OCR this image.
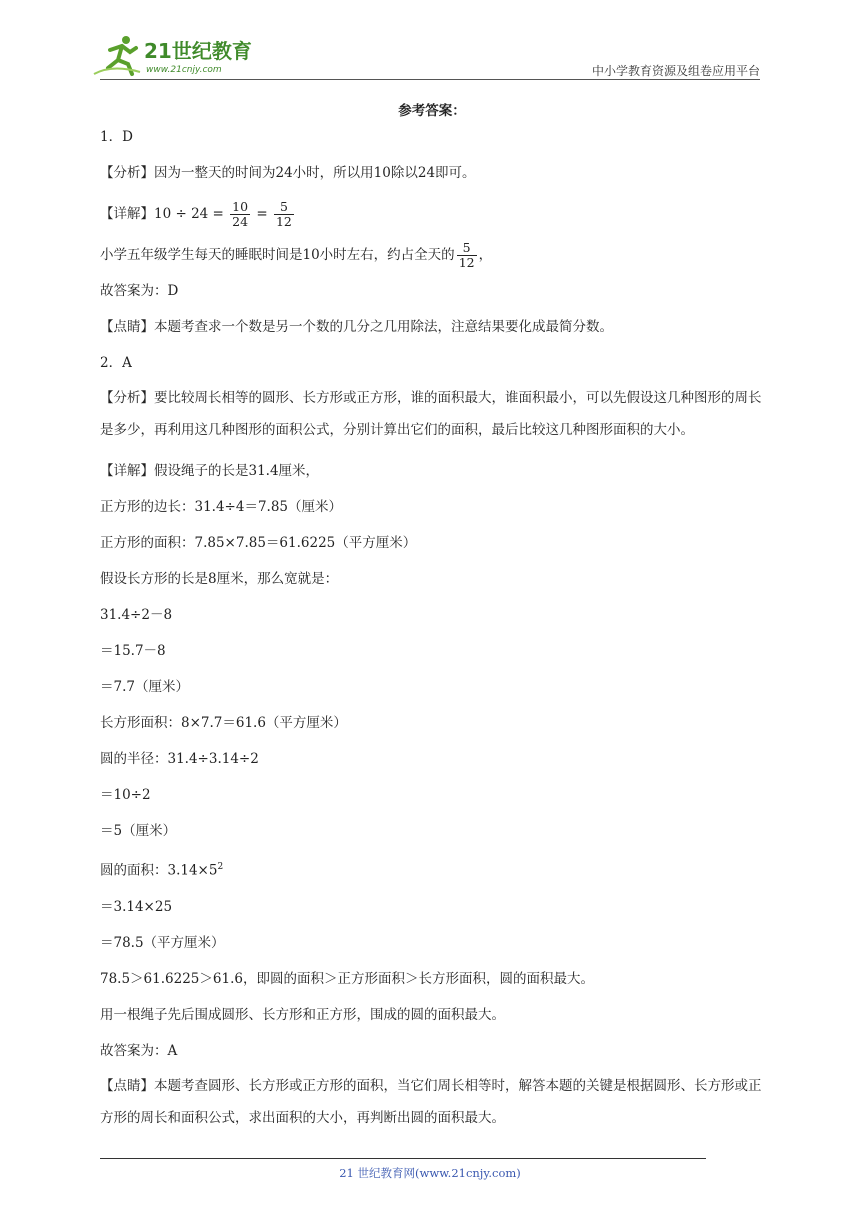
21世纪教育
www.21cnjy.com	中小学教育资源及组卷应用平台
参考答案：
1．D
【分析】因为一整天的时间为24小时，所以用10除以24即可。
【详解】$10 \div 24 = \frac{10}{24} = \frac{5}{12}$
小学五年级学生每天的睡眠时间是10小时左右，约占全天的 $\frac{5}{12}$ ，
故答案为：D
【点睛】本题考查求一个数是另一个数的几分之几用除法，注意结果要化成最简分数。
2．A
【分析】要比较周长相等的圆形、长方形或正方形，谁的面积最大，谁面积最小，可以先假设这几种图形的周长是多少，再利用这几种图形的面积公式，分别计算出它们的面积，最后比较这几种图形面积的大小。
【详解】假设绳子的长是31.4厘米，
正方形的边长：31.4÷4＝7.85（厘米）
正方形的面积：7.85×7.85＝61.6225（平方厘米）
假设长方形的长是8厘米，那么宽就是：
31.4÷2－8
＝15.7－8
＝7.7（厘米）
长方形面积：8×7.7＝61.6（平方厘米）
圆的半径：31.4÷3.14÷2
＝10÷2
＝5（厘米）
圆的面积：$3.14\times 5^2$
＝3.14×25
＝78.5（平方厘米）
78.5＞61.6225＞61.6，即圆的面积＞正方形面积＞长方形面积，圆的面积最大。
用一根绳子先后围成圆形、长方形和正方形，围成的圆的面积最大。
故答案为：A
【点睛】本题考查圆形、长方形或正方形的面积，当它们周长相等时，解答本题的关键是根据圆形、长方形或正方形的周长和面积公式，求出面积的大小，再判断出圆的面积最大。
21 世纪教育网(www.21cnjy.com)
